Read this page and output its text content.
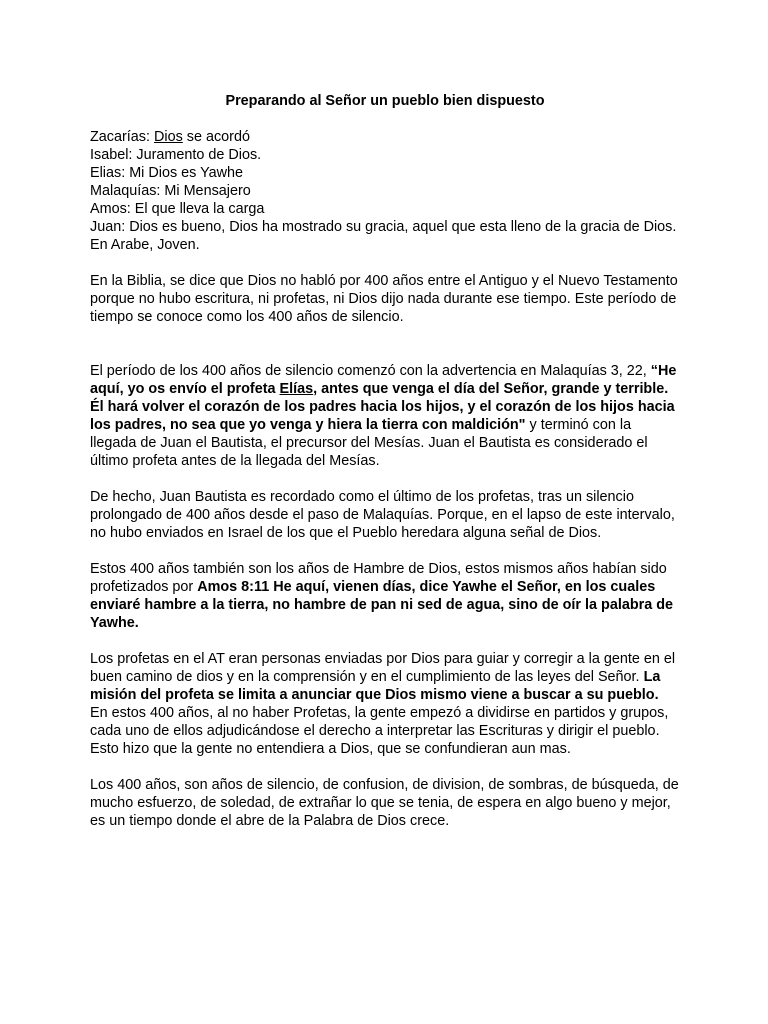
Preparando al Señor un pueblo bien dispuesto
Zacarías: Dios se acordó
Isabel: Juramento de Dios.
Elias: Mi Dios es Yawhe
Malaquías: Mi Mensajero
Amos: El que lleva la carga
Juan: Dios es bueno, Dios ha mostrado su gracia, aquel que esta lleno de la gracia de Dios. En Arabe, Joven.

En la Biblia, se dice que Dios no habló por 400 años entre el Antiguo y el Nuevo Testamento porque no hubo escritura, ni profetas, ni Dios dijo nada durante ese tiempo. Este período de tiempo se conoce como los 400 años de silencio.

El período de los 400 años de silencio comenzó con la advertencia en Malaquías 3, 22, “He aquí, yo os envío el profeta Elías, antes que venga el día del Señor, grande y terrible. Él hará volver el corazón de los padres hacia los hijos, y el corazón de los hijos hacia los padres, no sea que yo venga y hiera la tierra con maldición" y terminó con la llegada de Juan el Bautista, el precursor del Mesías. Juan el Bautista es considerado el último profeta antes de la llegada del Mesías.

De hecho, Juan Bautista es recordado como el último de los profetas, tras un silencio prolongado de 400 años desde el paso de Malaquías. Porque, en el lapso de este intervalo, no hubo enviados en Israel de los que el Pueblo heredara alguna señal de Dios.

Estos 400 años también son los años de Hambre de Dios, estos mismos años habían sido profetizados por Amos 8:11 He aquí, vienen días, dice Yawhe el Señor, en los cuales enviaré hambre a la tierra, no hambre de pan ni sed de agua, sino de oír la palabra de Yawhe.

Los profetas en el AT eran personas enviadas por Dios para guiar y corregir a la gente en el buen camino de dios y en la comprensión y en el cumplimiento de las leyes del Señor. La misión del profeta se limita a anunciar que Dios mismo viene a buscar a su pueblo. En estos 400 años, al no haber Profetas, la gente empezó a dividirse en partidos y grupos, cada uno de ellos adjudicándose el derecho a interpretar las Escrituras y dirigir el pueblo. Esto hizo que la gente no entendiera a Dios, que se confundieran aun mas.

Los 400 años, son años de silencio, de confusion, de division, de sombras, de búsqueda, de mucho esfuerzo, de soledad, de extrañar lo que se tenia, de espera en algo bueno y mejor, es un tiempo donde el abre de la Palabra de Dios crece.
